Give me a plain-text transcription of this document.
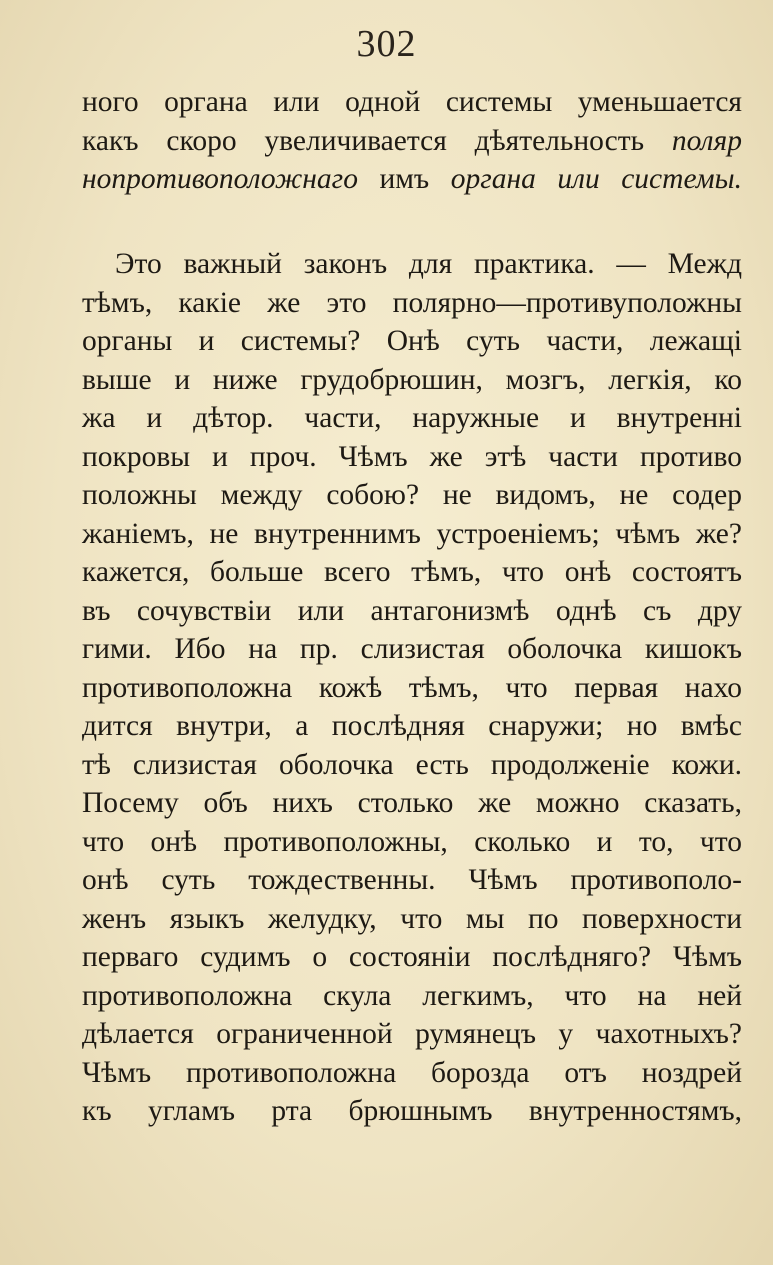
302
ного органа или одной системы уменьшается
какъ скоро увеличивается дѣятельность поляр
нопротивоположнаго имъ органа или системы.
Это важный законъ для практика. — Межд
тѣмъ, какіе же это полярно—противуположны
органы и системы? Онѣ суть части, лежащі
выше и ниже грудобрюшин, мозгъ, легкія, ко
жа и дѣтор. части, наружные и внутренні
покровы и проч. Чѣмъ же этѣ части противо
положны между собою? не видомъ, не содер
жаніемъ, не внутреннимъ устроеніемъ; чѣмъ же?
кажется, больше всего тѣмъ, что онѣ состоятъ
въ сочувствіи или антагонизмѣ однѣ съ дру
гими. Ибо на пр. слизистая оболочка кишокъ
противоположна кожѣ тѣмъ, что первая нахо
дится внутри, а послѣдняя снаружи; но вмѣс
тѣ слизистая оболочка есть продолженіе кожи.
Посему объ нихъ столько же можно сказать,
что онѣ противоположны, сколько и то, что
онѣ суть тождественны. Чѣмъ противополо-
женъ языкъ желудку, что мы по поверхности
перваго судимъ о состояніи послѣдняго? Чѣмъ
противоположна скула легкимъ, что на ней
дѣлается ограниченной румянецъ у чахотныхъ?
Чѣмъ противоположна борозда отъ ноздрей
къ угламъ рта брюшнымъ внутренностямъ,
